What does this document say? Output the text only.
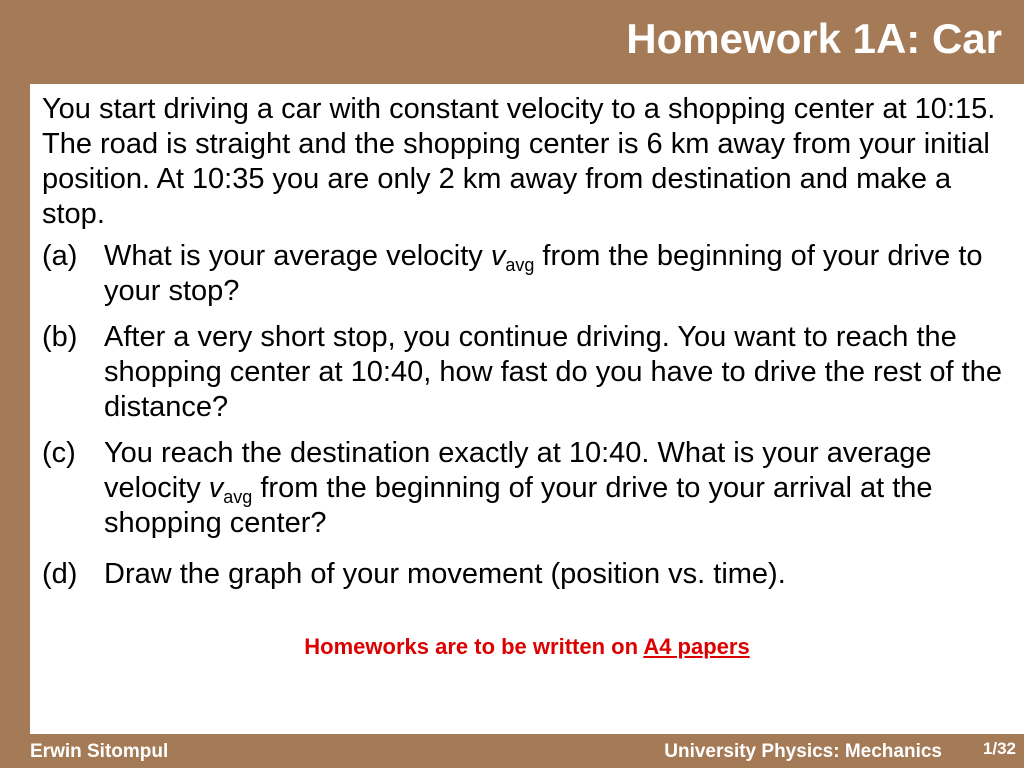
Homework 1A: Car

You start driving a car with constant velocity to a shopping center at 10:15. The road is straight and the shopping center is 6 km away from your initial position. At 10:35 you are only 2 km away from destination and make a stop.

(a) What is your average velocity $v_{avg}$ from the beginning of your drive to your stop?
(b) After a very short stop, you continue driving. You want to reach the shopping center at 10:40, how fast do you have to drive the rest of the distance?
(c) You reach the destination exactly at 10:40. What is your average velocity $v_{avg}$ from the beginning of your drive to your arrival at the shopping center?
(d) Draw the graph of your movement (position vs. time).
Homeworks are to be written on A4 papers
Erwin Sitompul	University Physics: Mechanics 1/32
